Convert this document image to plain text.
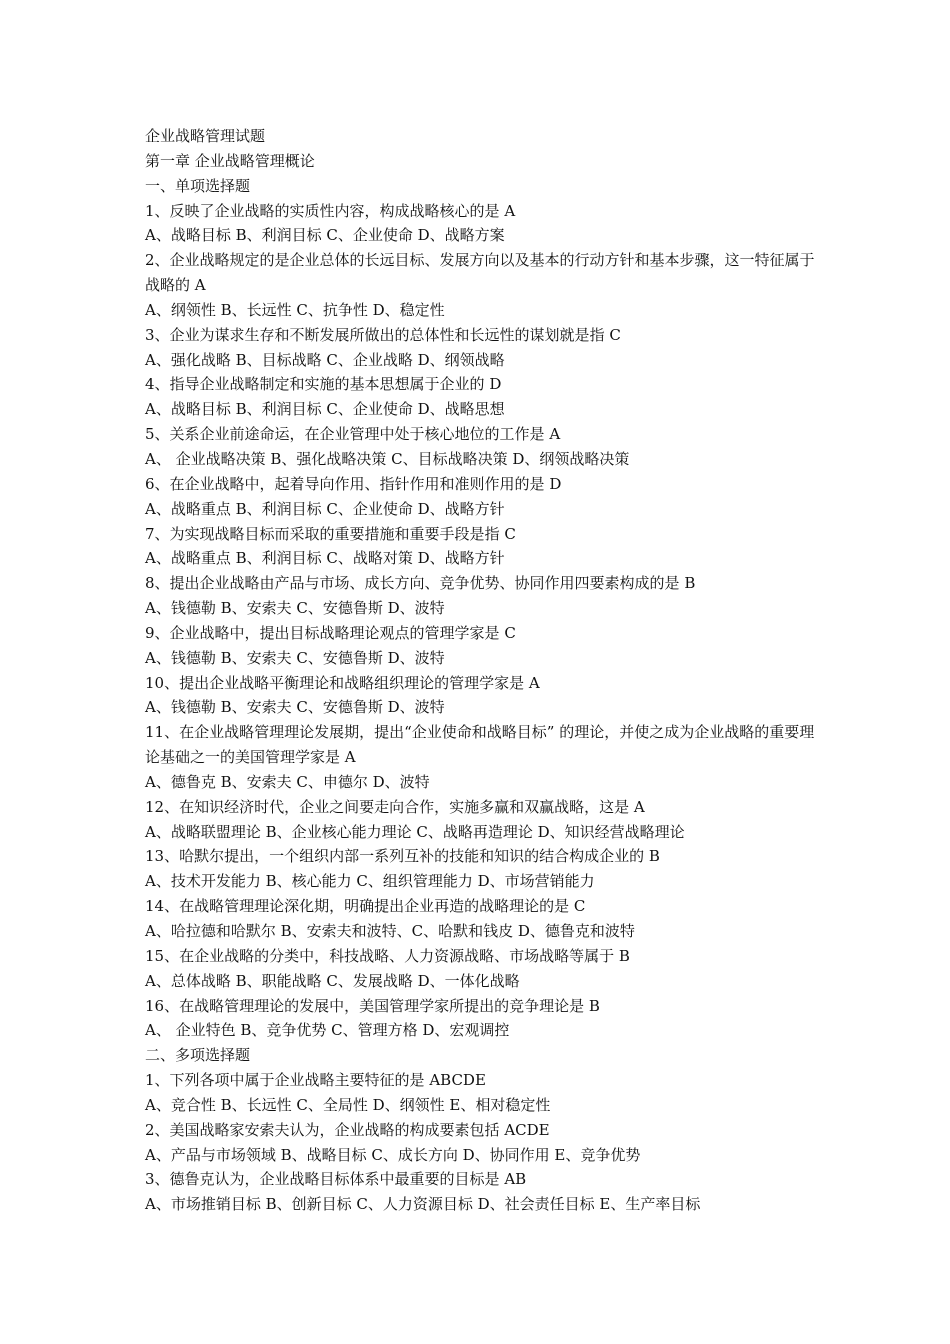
企业战略管理试题
第一章 企业战略管理概论
一、单项选择题
1、反映了企业战略的实质性内容，构成战略核心的是 A
A、战略目标 B、利润目标 C、企业使命 D、战略方案
2、企业战略规定的是企业总体的长远目标、发展方向以及基本的行动方针和基本步骤，这一特征属于战略的 A
A、纲领性 B、长远性 C、抗争性 D、稳定性
3、企业为谋求生存和不断发展所做出的总体性和长远性的谋划就是指 C
A、强化战略 B、目标战略 C、企业战略 D、纲领战略
4、指导企业战略制定和实施的基本思想属于企业的 D
A、战略目标 B、利润目标 C、企业使命 D、战略思想
5、关系企业前途命运，在企业管理中处于核心地位的工作是 A
A、 企业战略决策 B、强化战略决策 C、目标战略决策 D、纲领战略决策
6、在企业战略中，起着导向作用、指针作用和准则作用的是 D
A、战略重点 B、利润目标 C、企业使命 D、战略方针
7、为实现战略目标而采取的重要措施和重要手段是指 C
A、战略重点 B、利润目标 C、战略对策 D、战略方针
8、提出企业战略由产品与市场、成长方向、竞争优势、协同作用四要素构成的是 B
A、钱德勒 B、安索夫 C、安德鲁斯 D、波特
9、企业战略中，提出目标战略理论观点的管理学家是 C
A、钱德勒 B、安索夫 C、安德鲁斯 D、波特
10、提出企业战略平衡理论和战略组织理论的管理学家是 A
A、钱德勒 B、安索夫 C、安德鲁斯 D、波特
11、在企业战略管理理论发展期，提出“企业使命和战略目标” 的理论，并使之成为企业战略的重要理论基础之一的美国管理学家是 A
A、德鲁克 B、安索夫 C、申德尔 D、波特
12、在知识经济时代，企业之间要走向合作，实施多赢和双赢战略，这是 A
A、战略联盟理论 B、企业核心能力理论 C、战略再造理论 D、知识经营战略理论
13、哈默尔提出，一个组织内部一系列互补的技能和知识的结合构成企业的 B
A、技术开发能力 B、核心能力 C、组织管理能力 D、市场营销能力
14、在战略管理理论深化期，明确提出企业再造的战略理论的是 C
A、哈拉德和哈默尔 B、安索夫和波特、C、哈默和钱皮 D、德鲁克和波特
15、在企业战略的分类中，科技战略、人力资源战略、市场战略等属于 B
A、总体战略 B、职能战略 C、发展战略 D、一体化战略
16、在战略管理理论的发展中，美国管理学家所提出的竞争理论是 B
A、 企业特色 B、竞争优势 C、管理方格 D、宏观调控
二、多项选择题
1、下列各项中属于企业战略主要特征的是 ABCDE
A、竞合性 B、长远性 C、全局性 D、纲领性 E、相对稳定性
2、美国战略家安索夫认为，企业战略的构成要素包括 ACDE
A、产品与市场领域 B、战略目标 C、成长方向 D、协同作用 E、竞争优势
3、德鲁克认为，企业战略目标体系中最重要的目标是 AB
A、市场推销目标 B、创新目标 C、人力资源目标 D、社会责任目标 E、生产率目标
